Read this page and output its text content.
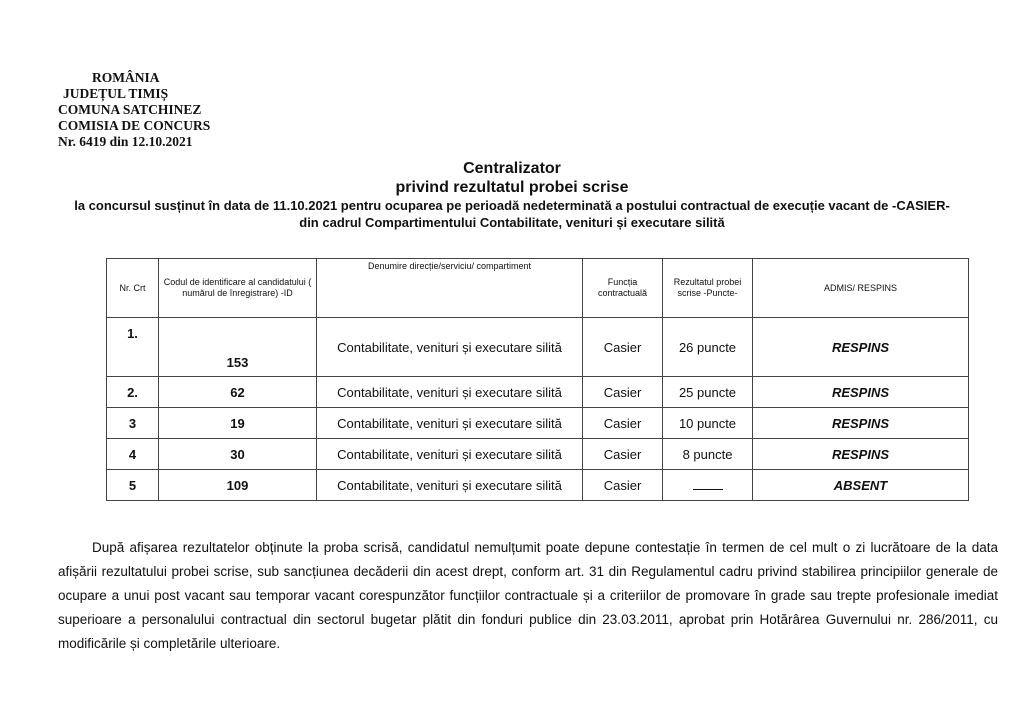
ROMÂNIA
JUDEȚUL TIMIȘ
COMUNA SATCHINEZ
COMISIA DE CONCURS
Nr. 6419 din 12.10.2021
Centralizator
privind rezultatul probei scrise
la concursul susținut în data de 11.10.2021 pentru ocuparea pe perioadă nedeterminată a postului contractual de execuție vacant de -CASIER-
din cadrul Compartimentului Contabilitate, venituri și executare silită
Nr. Crt	Codul de identificare al candidatului ( numărul de înregistrare) -ID	Denumire direcție/serviciu/ compartiment	Funcția contractuală	Rezultatul probei scrise -Puncte-	ADMIS/ RESPINS
1.	153	Contabilitate, venituri și executare silită	Casier	26 puncte	RESPINS
2.	62	Contabilitate, venituri și executare silită	Casier	25 puncte	RESPINS
3	19	Contabilitate, venituri și executare silită	Casier	10 puncte	RESPINS
4	30	Contabilitate, venituri și executare silită	Casier	8 puncte	RESPINS
5	109	Contabilitate, venituri și executare silită	Casier		ABSENT

După afișarea rezultatelor obținute la proba scrisă, candidatul nemulțumit poate depune contestație în termen de cel mult o zi lucrătoare de la data afișării rezultatului probei scrise, sub sancțiunea decăderii din acest drept, conform art. 31 din Regulamentul cadru privind stabilirea principiilor generale de ocupare a unui post vacant sau temporar vacant corespunzător funcțiilor contractuale și a criteriilor de promovare în grade sau trepte profesionale imediat superioare a personalului contractual din sectorul bugetar plătit din fonduri publice din 23.03.2011, aprobat prin Hotărârea Guvernului nr. 286/2011, cu modificările și completările ulterioare.
